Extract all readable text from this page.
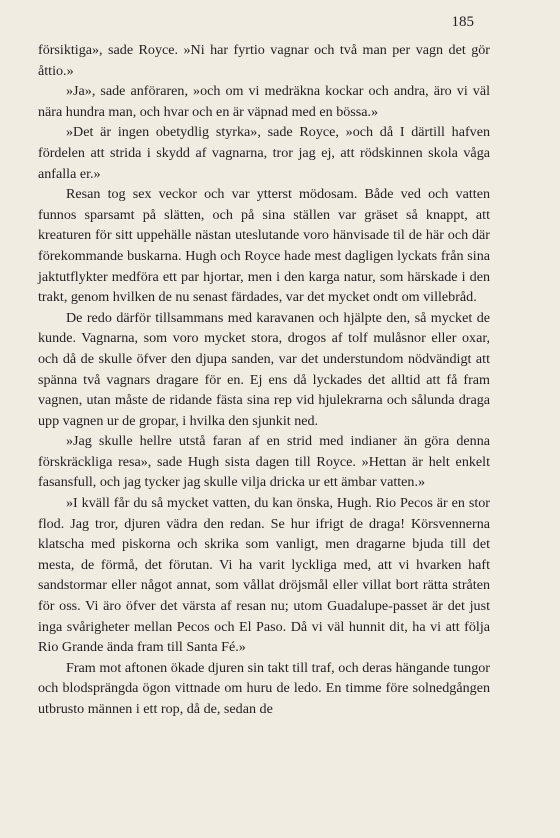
185

försiktiga», sade Royce. »Ni har fyrtio vagnar och två man per vagn det gör åttio.»

»Ja», sade anföraren, »och om vi medräkna kockar och andra, äro vi väl nära hundra man, och hvar och en är väpnad med en bössa.»

»Det är ingen obetydlig styrka», sade Royce, »och då I därtill hafven fördelen att strida i skydd af vagnarna, tror jag ej, att rödskinnen skola våga anfalla er.»

Resan tog sex veckor och var ytterst mödosam. Både ved och vatten funnos sparsamt på slätten, och på sina ställen var gräset så knappt, att kreaturen för sitt uppehälle nästan uteslutande voro hänvisade til de här och där förekommande buskarna. Hugh och Royce hade mest dagligen lyckats från sina jaktutflykter medföra ett par hjortar, men i den karga natur, som härskade i den trakt, genom hvilken de nu senast färdades, var det mycket ondt om villebråd.

De redo därför tillsammans med karavanen och hjälpte den, så mycket de kunde. Vagnarna, som voro mycket stora, drogos af tolf mulåsnor eller oxar, och då de skulle öfver den djupa sanden, var det understundom nödvändigt att spänna två vagnars dragare för en. Ej ens då lyckades det alltid att få fram vagnen, utan måste de ridande fästa sina rep vid hjulekrarna och sålunda draga upp vagnen ur de gropar, i hvilka den sjunkit ned.

»Jag skulle hellre utstå faran af en strid med indianer än göra denna förskräckliga resa», sade Hugh sista dagen till Royce. »Hettan är helt enkelt fasansfull, och jag tycker jag skulle vilja dricka ur ett ämbar vatten.»

»I kväll får du så mycket vatten, du kan önska, Hugh. Rio Pecos är en stor flod. Jag tror, djuren vädra den redan. Se hur ifrigt de draga! Körsvennerna klatscha med piskorna och skrika som vanligt, men dragarne bjuda till det mesta, de förmå, det förutan. Vi ha varit lyckliga med, att vi hvarken haft sandstormar eller något annat, som vållat dröjsmål eller villat bort rätta stråten för oss. Vi äro öfver det värsta af resan nu; utom Guadalupe-passet är det just inga svårigheter mellan Pecos och El Paso. Då vi väl hunnit dit, ha vi att följa Rio Grande ända fram till Santa Fé.»

Fram mot aftonen ökade djuren sin takt till traf, och deras hängande tungor och blodsprängda ögon vittnade om huru de ledo. En timme före solnedgången utbrusto männen i ett rop, då de, sedan de
